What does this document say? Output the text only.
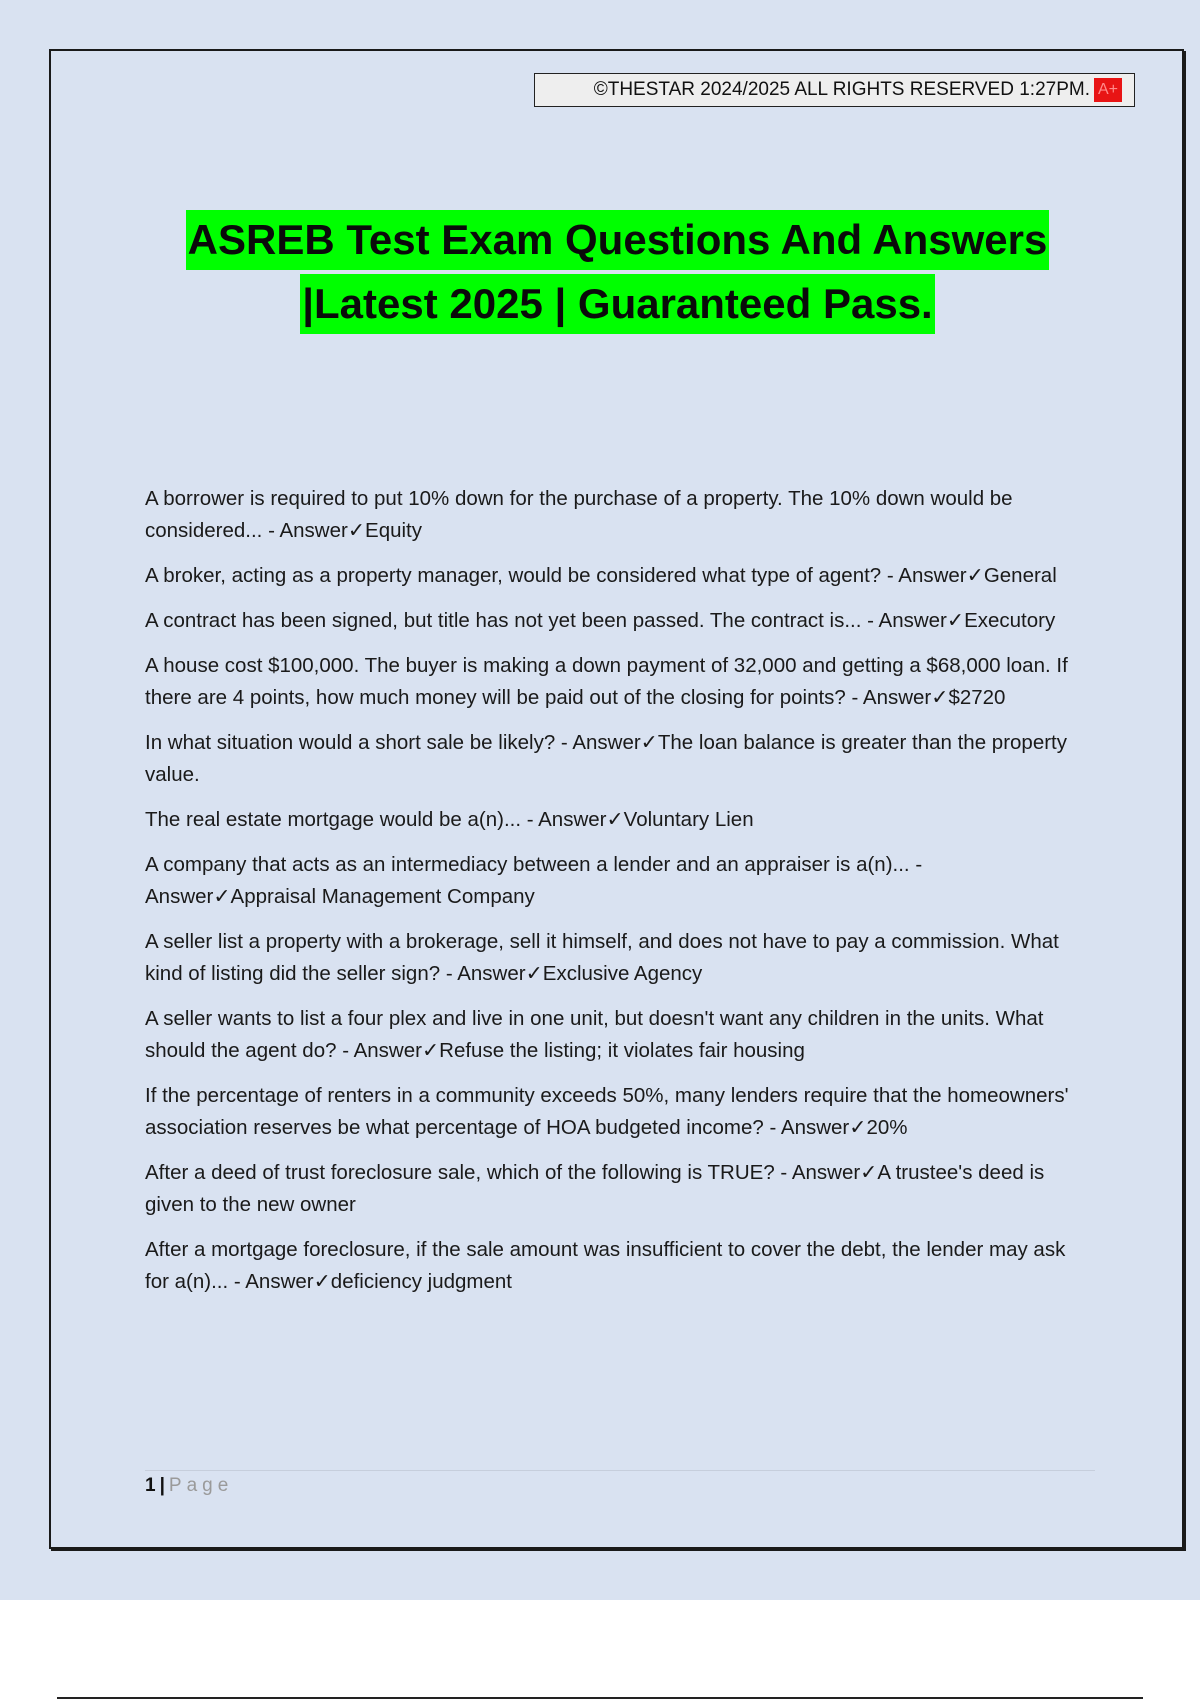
©THESTAR 2024/2025 ALL RIGHTS RESERVED 1:27PM. A+
ASREB Test Exam Questions And Answers
|Latest 2025 | Guaranteed Pass.
A borrower is required to put 10% down for the purchase of a property. The 10% down would be considered... - Answer✓Equity
A broker, acting as a property manager, would be considered what type of agent? - Answer✓General
A contract has been signed, but title has not yet been passed. The contract is... - Answer✓Executory
A house cost $100,000. The buyer is making a down payment of 32,000 and getting a $68,000 loan. If there are 4 points, how much money will be paid out of the closing for points? - Answer✓$2720
In what situation would a short sale be likely? - Answer✓The loan balance is greater than the property value.
The real estate mortgage would be a(n)... - Answer✓Voluntary Lien
A company that acts as an intermediacy between a lender and an appraiser is a(n)... - Answer✓Appraisal Management Company
A seller list a property with a brokerage, sell it himself, and does not have to pay a commission. What kind of listing did the seller sign? - Answer✓Exclusive Agency
A seller wants to list a four plex and live in one unit, but doesn't want any children in the units. What should the agent do? - Answer✓Refuse the listing; it violates fair housing
If the percentage of renters in a community exceeds 50%, many lenders require that the homeowners' association reserves be what percentage of HOA budgeted income? - Answer✓20%
After a deed of trust foreclosure sale, which of the following is TRUE? - Answer✓A trustee's deed is given to the new owner
After a mortgage foreclosure, if the sale amount was insufficient to cover the debt, the lender may ask for a(n)... - Answer✓deficiency judgment
1 | Page
